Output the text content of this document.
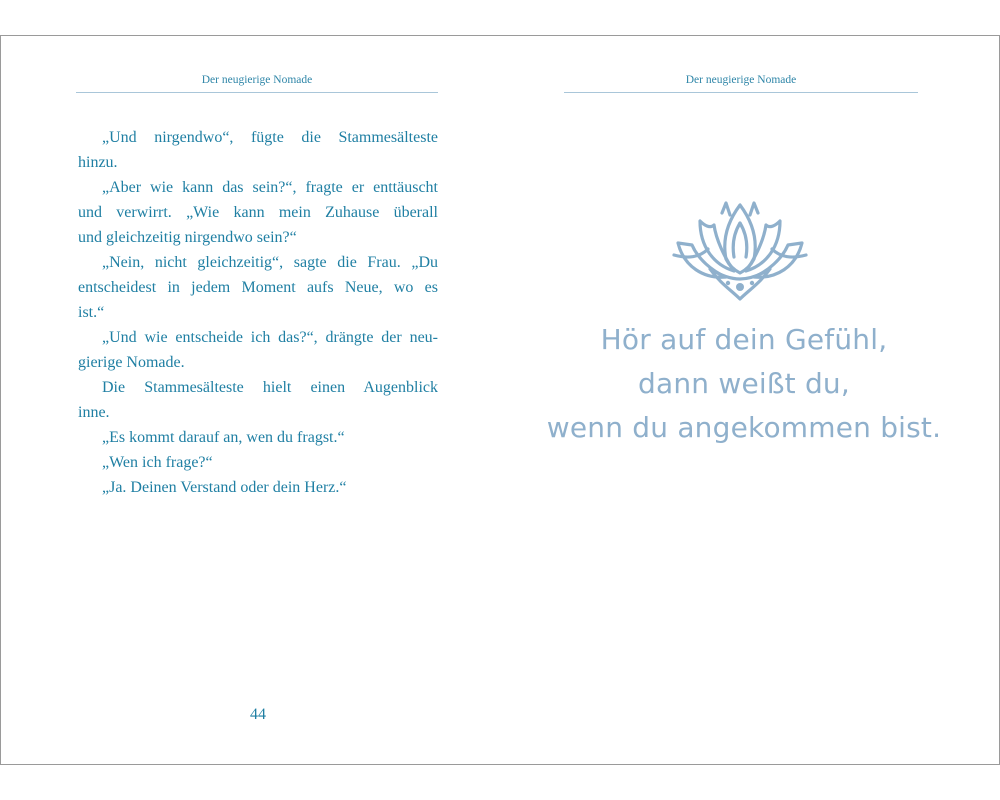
Der neugierige Nomade
„Und nirgendwo“, fügte die Stammesälteste
hinzu.
„Aber wie kann das sein?“, fragte er enttäuscht
und verwirrt. „Wie kann mein Zuhause überall
und gleichzeitig nirgendwo sein?“
„Nein, nicht gleichzeitig“, sagte die Frau. „Du
entscheidest in jedem Moment aufs Neue, wo es
ist.“
„Und wie entscheide ich das?“, drängte der neu-
gierige Nomade.
Die Stammesälteste hielt einen Augenblick
inne.
„Es kommt darauf an, wen du fragst.“
„Wen ich frage?“
„Ja. Deinen Verstand oder dein Herz.“
44
Der neugierige Nomade
Hör auf dein Gefühl,
dann weißt du,
wenn du angekommen bist.
